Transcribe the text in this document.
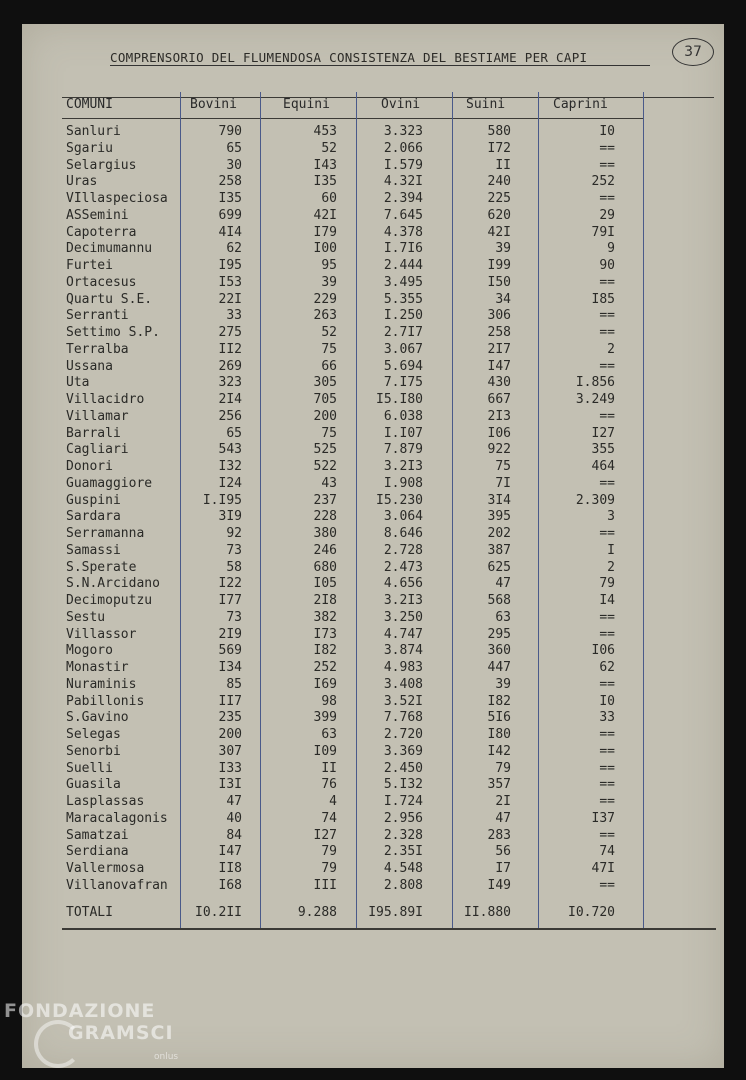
37
COMPRENSORIO DEL FLUMENDOSA CONSISTENZA DEL BESTIAME PER CAPI
COMUNI	Bovini	Equini	Ovini	Suini	Caprini
Sanluri	790	453	3.323	580	I0
Sgariu	65	52	2.066	I72	==
Selargius	30	I43	I.579	II	==
Uras	258	I35	4.32I	240	252
VIllaspeciosa	I35	60	2.394	225	==
ASSemini	699	42I	7.645	620	29
Capoterra	4I4	I79	4.378	42I	79I
Decimumannu	62	I00	I.7I6	39	9
Furtei	I95	95	2.444	I99	90
Ortacesus	I53	39	3.495	I50	==
Quartu S.E.	22I	229	5.355	34	I85
Serranti	33	263	I.250	306	==
Settimo S.P.	275	52	2.7I7	258	==
Terralba	II2	75	3.067	2I7	2
Ussana	269	66	5.694	I47	==
Uta	323	305	7.I75	430	I.856
Villacidro	2I4	705	I5.I80	667	3.249
Villamar	256	200	6.038	2I3	==
Barrali	65	75	I.I07	I06	I27
Cagliari	543	525	7.879	922	355
Donori	I32	522	3.2I3	75	464
Guamaggiore	I24	43	I.908	7I	==
Guspini	I.I95	237	I5.230	3I4	2.309
Sardara	3I9	228	3.064	395	3
Serramanna	92	380	8.646	202	==
Samassi	73	246	2.728	387	I
S.Sperate	58	680	2.473	625	2
S.N.Arcidano	I22	I05	4.656	47	79
Decimoputzu	I77	2I8	3.2I3	568	I4
Sestu	73	382	3.250	63	==
Villassor	2I9	I73	4.747	295	==
Mogoro	569	I82	3.874	360	I06
Monastir	I34	252	4.983	447	62
Nuraminis	85	I69	3.408	39	==
Pabillonis	II7	98	3.52I	I82	I0
S.Gavino	235	399	7.768	5I6	33
Selegas	200	63	2.720	I80	==
Senorbi	307	I09	3.369	I42	==
Suelli	I33	II	2.450	79	==
Guasila	I3I	76	5.I32	357	==
Lasplassas	47	4	I.724	2I	==
Maracalagonis	40	74	2.956	47	I37
Samatzai	84	I27	2.328	283	==
Serdiana	I47	79	2.35I	56	74
Vallermosa	II8	79	4.548	I7	47I
Villanovafran	I68	III	2.808	I49	==
TOTALI	I0.2II	9.288	I95.89I	II.880	I0.720
FONDAZIONE
GRAMSCI
onlus
